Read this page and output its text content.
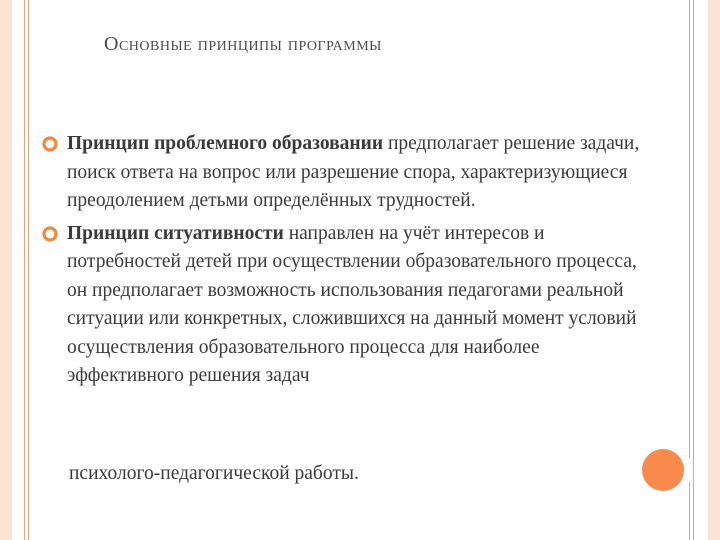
Основные принципы программы
Принцип проблемного образовании предполагает решение задачи, поиск ответа на вопрос или разрешение спора, характеризующиеся преодолением детьми определённых трудностей.
Принцип ситуативности направлен на учёт интересов и потребностей детей при осуществлении образовательного процесса, он предполагает возможность использования педагогами реальной ситуации или конкретных, сложившихся на данный момент условий осуществления образовательного процесса для наиболее эффективного решения задач
психолого-педагогической работы.
